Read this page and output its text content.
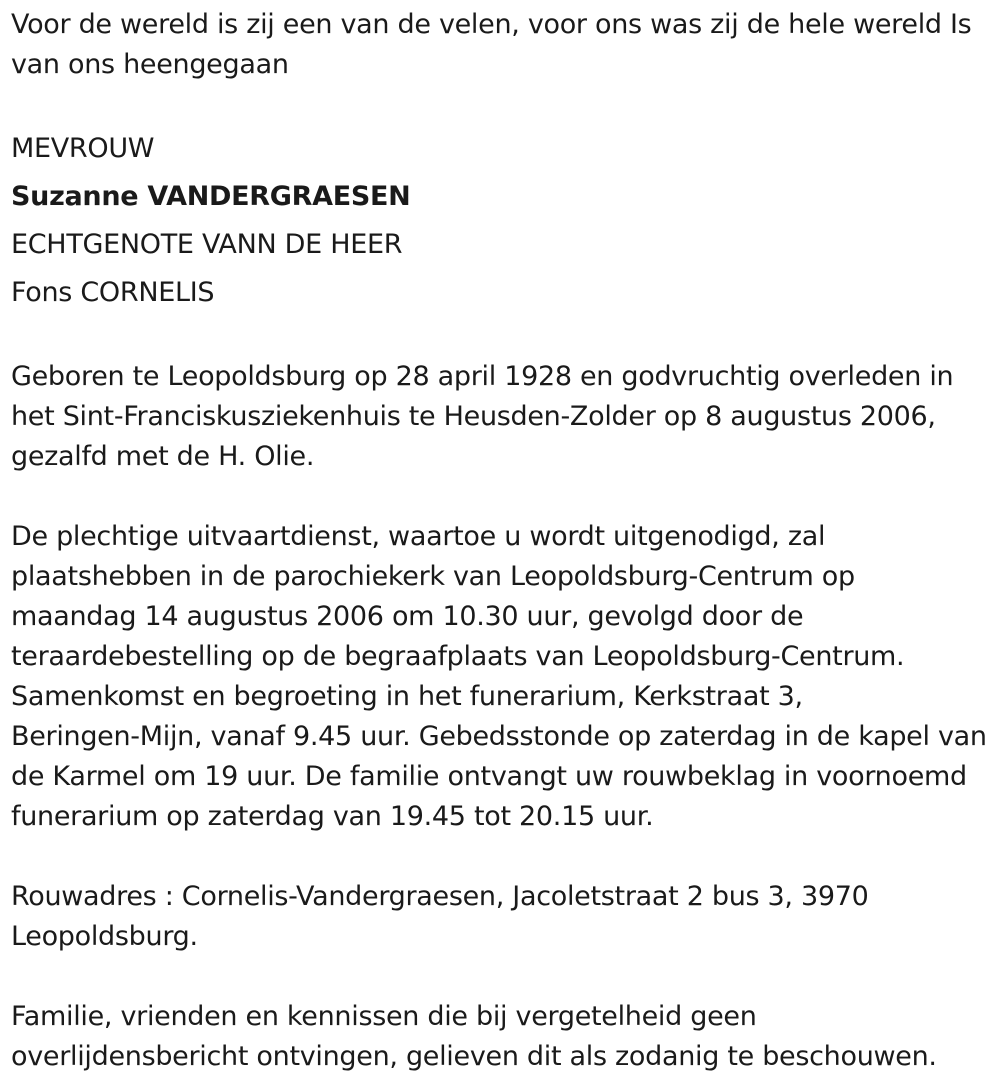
Voor de wereld is zij een van de velen, voor ons was zij de hele wereld Is
van ons heengegaan
MEVROUW
Suzanne VANDERGRAESEN
ECHTGENOTE VANN DE HEER
Fons CORNELIS
Geboren te Leopoldsburg op 28 april 1928 en godvruchtig overleden in
het Sint-Franciskusziekenhuis te Heusden-Zolder op 8 augustus 2006,
gezalfd met de H. Olie.
De plechtige uitvaartdienst, waartoe u wordt uitgenodigd, zal
plaatshebben in de parochiekerk van Leopoldsburg-Centrum op
maandag 14 augustus 2006 om 10.30 uur, gevolgd door de
teraardebestelling op de begraafplaats van Leopoldsburg-Centrum.
Samenkomst en begroeting in het funerarium, Kerkstraat 3,
Beringen-Mijn, vanaf 9.45 uur. Gebedsstonde op zaterdag in de kapel van
de Karmel om 19 uur. De familie ontvangt uw rouwbeklag in voornoemd
funerarium op zaterdag van 19.45 tot 20.15 uur.
Rouwadres : Cornelis-Vandergraesen, Jacoletstraat 2 bus 3, 3970
Leopoldsburg.
Familie, vrienden en kennissen die bij vergetelheid geen
overlijdensbericht ontvingen, gelieven dit als zodanig te beschouwen.
